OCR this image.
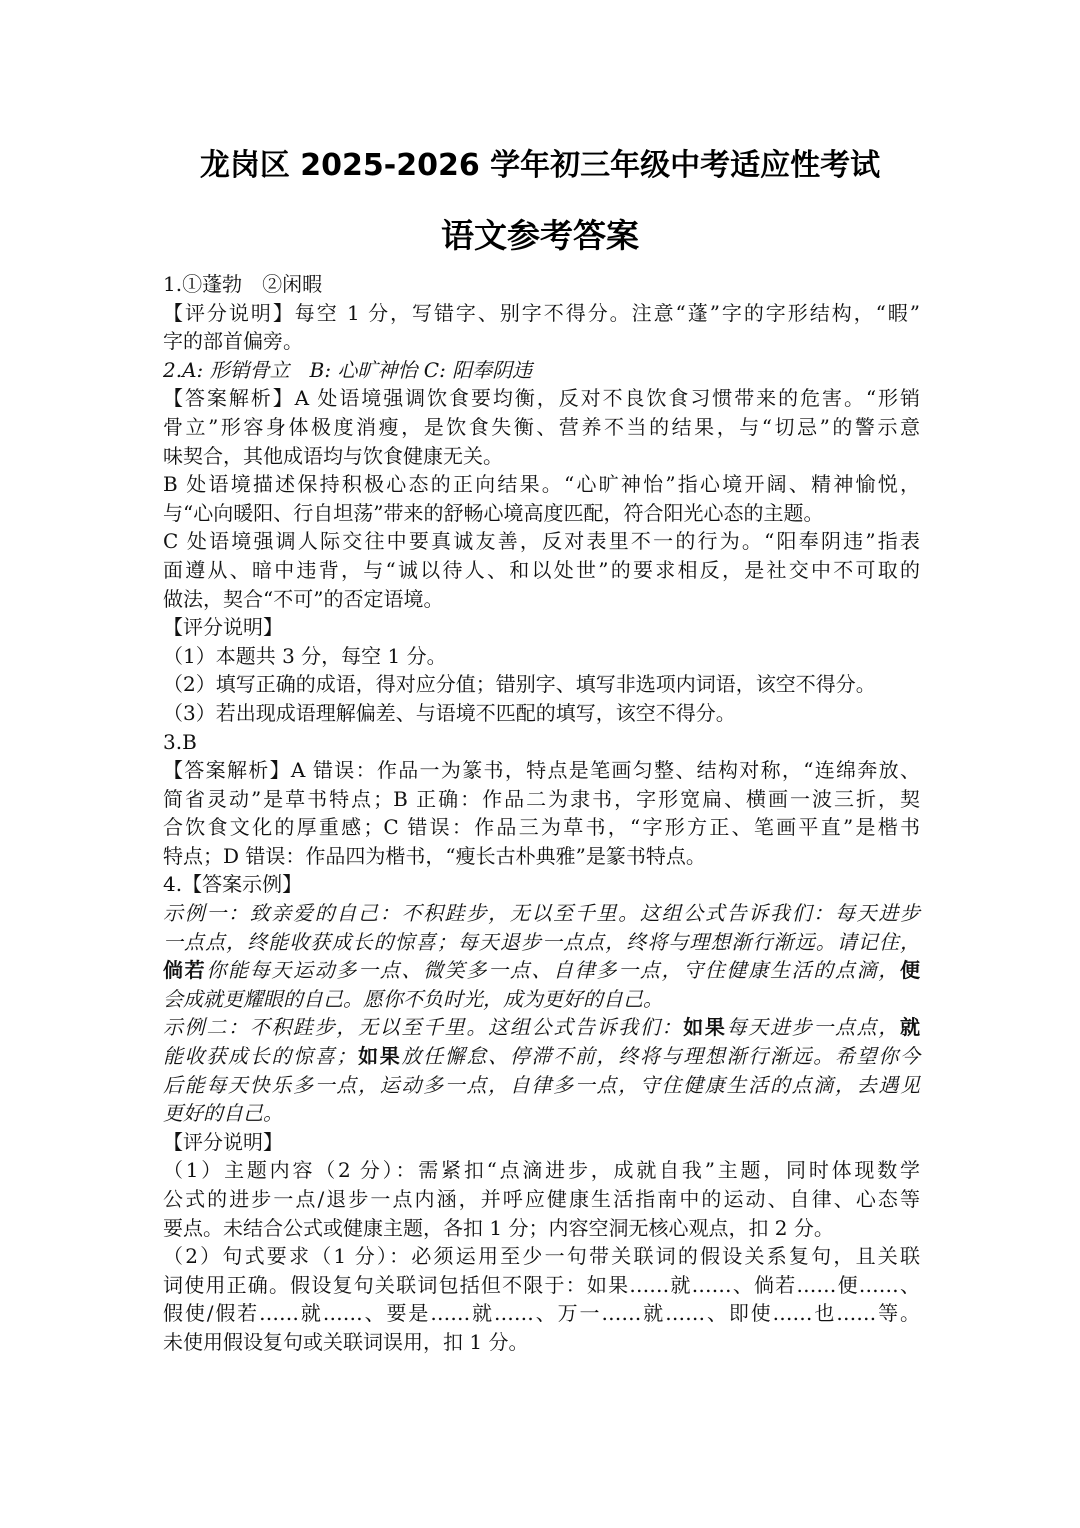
龙岗区 2025-2026 学年初三年级中考适应性考试
语文参考答案
1.①蓬勃　②闲暇
【评分说明】每空 1 分，写错字、别字不得分。注意“蓬”字的字形结构，“暇”
字的部首偏旁。
2.A: 形销骨立　B: 心旷神怡 C: 阳奉阴违
【答案解析】A 处语境强调饮食要均衡，反对不良饮食习惯带来的危害。“形销
骨立”形容身体极度消瘦，是饮食失衡、营养不当的结果，与“切忌”的警示意
味契合，其他成语均与饮食健康无关。
B 处语境描述保持积极心态的正向结果。“心旷神怡”指心境开阔、精神愉悦，
与“心向暖阳、行自坦荡”带来的舒畅心境高度匹配，符合阳光心态的主题。
C 处语境强调人际交往中要真诚友善，反对表里不一的行为。“阳奉阴违”指表
面遵从、暗中违背，与“诚以待人、和以处世”的要求相反，是社交中不可取的
做法，契合“不可”的否定语境。
【评分说明】
（1）本题共 3 分，每空 1 分。
（2）填写正确的成语，得对应分值；错别字、填写非选项内词语，该空不得分。
（3）若出现成语理解偏差、与语境不匹配的填写，该空不得分。
3.B
【答案解析】A 错误：作品一为篆书，特点是笔画匀整、结构对称，“连绵奔放、
简省灵动”是草书特点；B 正确：作品二为隶书，字形宽扁、横画一波三折，契
合饮食文化的厚重感；C 错误：作品三为草书，“字形方正、笔画平直”是楷书
特点；D 错误：作品四为楷书，“瘦长古朴典雅”是篆书特点。
4.【答案示例】
示例一：致亲爱的自己：不积跬步，无以至千里。这组公式告诉我们：每天进步
一点点，终能收获成长的惊喜；每天退步一点点，终将与理想渐行渐远。请记住，
倘若你能每天运动多一点、微笑多一点、自律多一点，守住健康生活的点滴，便
会成就更耀眼的自己。愿你不负时光，成为更好的自己。
示例二：不积跬步，无以至千里。这组公式告诉我们：如果每天进步一点点，就
能收获成长的惊喜；如果放任懈怠、停滞不前，终将与理想渐行渐远。希望你今
后能每天快乐多一点，运动多一点，自律多一点，守住健康生活的点滴，去遇见
更好的自己。
【评分说明】
（1）主题内容（2 分）：需紧扣“点滴进步，成就自我”主题，同时体现数学
公式的进步一点/退步一点内涵，并呼应健康生活指南中的运动、自律、心态等
要点。未结合公式或健康主题，各扣 1 分；内容空洞无核心观点，扣 2 分。
（2）句式要求（1 分）：必须运用至少一句带关联词的假设关系复句，且关联
词使用正确。假设复句关联词包括但不限于：如果……就……、倘若……便……、
假使/假若……就……、要是……就……、万一……就……、即使……也……等。
未使用假设复句或关联词误用，扣 1 分。
